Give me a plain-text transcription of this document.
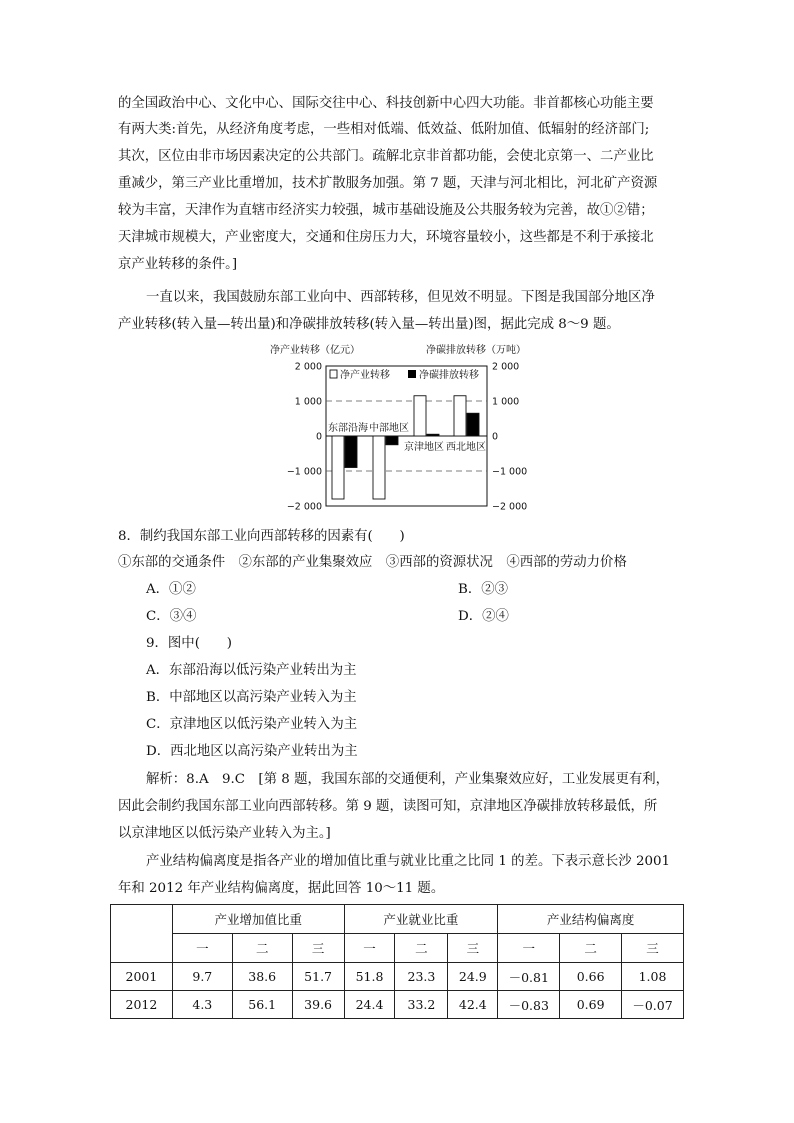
的全国政治中心、文化中心、国际交往中心、科技创新中心四大功能。非首都核心功能主要
有两大类:首先，从经济角度考虑，一些相对低端、低效益、低附加值、低辐射的经济部门;
其次，区位由非市场因素决定的公共部门。疏解北京非首都功能，会使北京第一、二产业比
重减少，第三产业比重增加，技术扩散服务加强。第 7 题，天津与河北相比，河北矿产资源
较为丰富，天津作为直辖市经济实力较强，城市基础设施及公共服务较为完善，故①②错；
天津城市规模大，产业密度大，交通和住房压力大，环境容量较小，这些都是不利于承接北
京产业转移的条件。]
一直以来，我国鼓励东部工业向中、西部转移，但见效不明显。下图是我国部分地区净
产业转移(转入量—转出量)和净碳排放转移(转入量—转出量)图，据此完成 8～9 题。
净产业转移（亿元）	净碳排放转移（万吨）
2 000
1 000
0
−1 000
−2 000
2 000
1 000
0
−1 000
−2 000
净产业转移	净碳排放转移
东部沿海 中部地区
京津地区 西北地区
8．制约我国东部工业向西部转移的因素有(　　)
①东部的交通条件　②东部的产业集聚效应　③西部的资源状况　④西部的劳动力价格
A．①②	B．②③
C．③④	D．②④
9．图中(　　)
A．东部沿海以低污染产业转出为主
B．中部地区以高污染产业转入为主
C．京津地区以低污染产业转入为主
D．西北地区以高污染产业转出为主
解析：8.A　9.C　[第 8 题，我国东部的交通便利，产业集聚效应好，工业发展更有利，
因此会制约我国东部工业向西部转移。第 9 题，读图可知，京津地区净碳排放转移最低，所
以京津地区以低污染产业转入为主。]
产业结构偏离度是指各产业的增加值比重与就业比重之比同 1 的差。下表示意长沙 2001
年和 2012 年产业结构偏离度，据此回答 10～11 题。
	产业增加值比重			产业就业比重			产业结构偏离度		
	一	二	三	一	二	三	一	二	三
2001	9.7	38.6	51.7	51.8	23.3	24.9	－0.81	0.66	1.08
2012	4.3	56.1	39.6	24.4	33.2	42.4	－0.83	0.69	－0.07
